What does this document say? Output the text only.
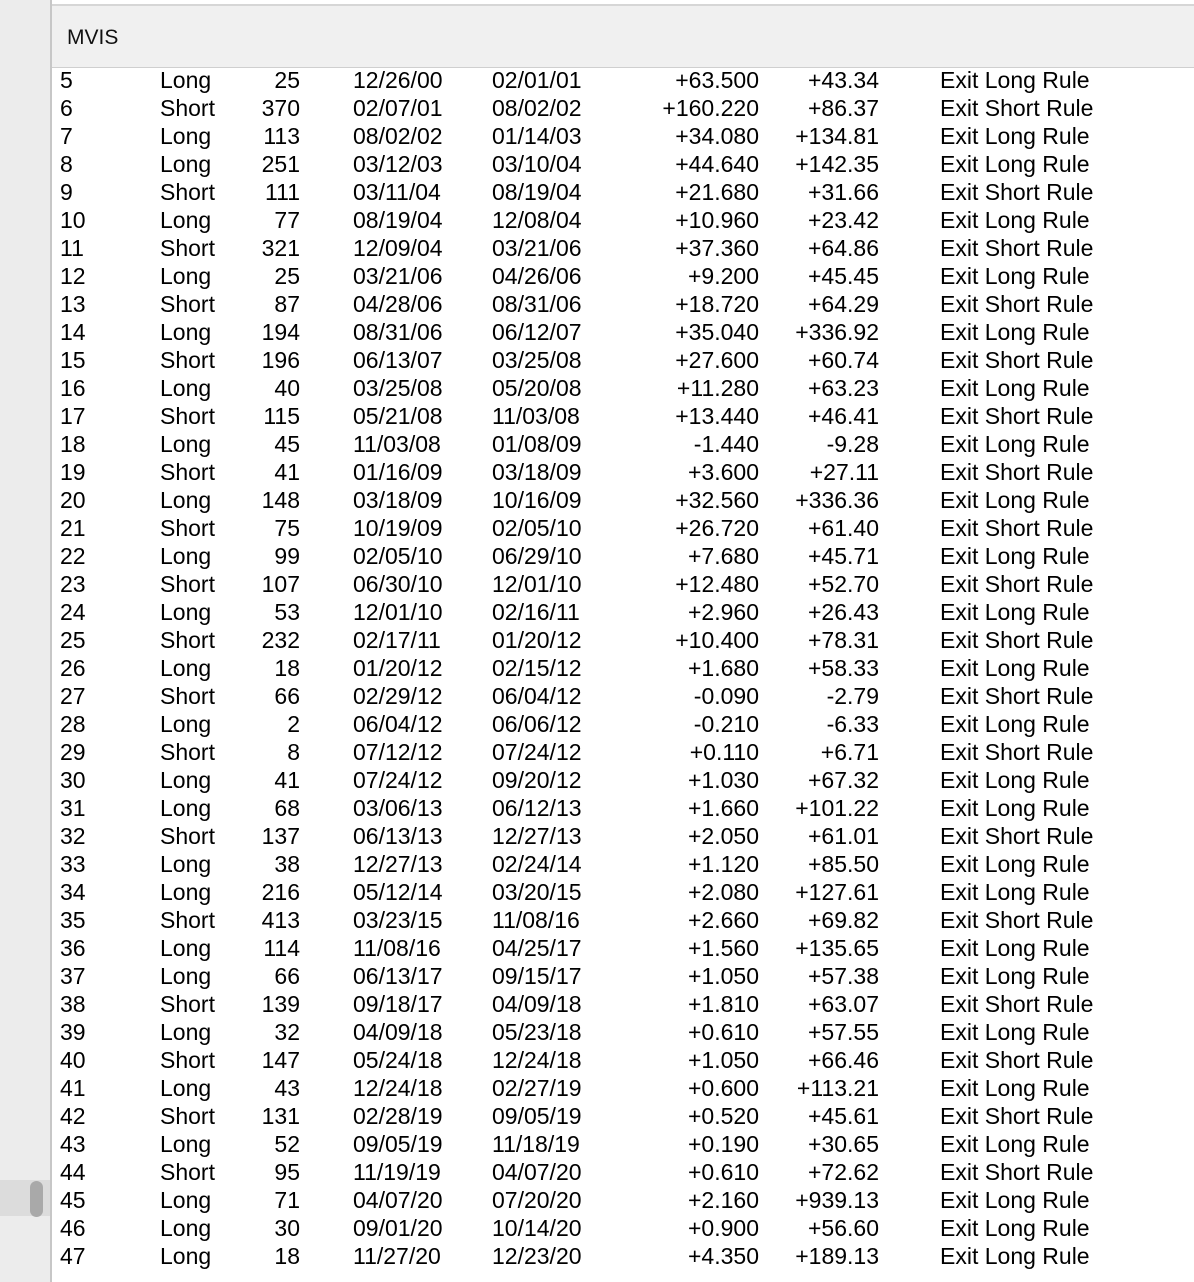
MVIS
5	Long	25 12/26/00 02/01/01	+63.500	+43.34	Exit Long Rule
6	Short	370 02/07/01 08/02/02	+160.220	+86.37	Exit Short Rule
7	Long	113 08/02/02 01/14/03	+34.080	+134.81	Exit Long Rule
8	Long	251 03/12/03 03/10/04	+44.640	+142.35	Exit Long Rule
9	Short	111 03/11/04 08/19/04	+21.680	+31.66	Exit Short Rule
10	Long	77 08/19/04 12/08/04	+10.960	+23.42	Exit Long Rule
11	Short	321 12/09/04 03/21/06	+37.360	+64.86	Exit Short Rule
12	Long	25 03/21/06 04/26/06	+9.200	+45.45	Exit Long Rule
13	Short	87 04/28/06 08/31/06	+18.720	+64.29	Exit Short Rule
14	Long	194 08/31/06 06/12/07	+35.040	+336.92	Exit Long Rule
15	Short	196 06/13/07 03/25/08	+27.600	+60.74	Exit Short Rule
16	Long	40 03/25/08 05/20/08	+11.280	+63.23	Exit Long Rule
17	Short	115 05/21/08 11/03/08	+13.440	+46.41	Exit Short Rule
18	Long	45 11/03/08 01/08/09	-1.440	-9.28	Exit Long Rule
19	Short	41 01/16/09 03/18/09	+3.600	+27.11	Exit Short Rule
20	Long	148 03/18/09 10/16/09	+32.560	+336.36	Exit Long Rule
21	Short	75 10/19/09 02/05/10	+26.720	+61.40	Exit Short Rule
22	Long	99 02/05/10 06/29/10	+7.680	+45.71	Exit Long Rule
23	Short	107 06/30/10 12/01/10	+12.480	+52.70	Exit Short Rule
24	Long	53 12/01/10 02/16/11	+2.960	+26.43	Exit Long Rule
25	Short	232 02/17/11 01/20/12	+10.400	+78.31	Exit Short Rule
26	Long	18 01/20/12 02/15/12	+1.680	+58.33	Exit Long Rule
27	Short	66 02/29/12 06/04/12	-0.090	-2.79	Exit Short Rule
28	Long	2 06/04/12 06/06/12	-0.210	-6.33	Exit Long Rule
29	Short	8 07/12/12 07/24/12	+0.110	+6.71	Exit Short Rule
30	Long	41 07/24/12 09/20/12	+1.030	+67.32	Exit Long Rule
31	Long	68 03/06/13 06/12/13	+1.660	+101.22	Exit Long Rule
32	Short	137 06/13/13 12/27/13	+2.050	+61.01	Exit Short Rule
33	Long	38 12/27/13 02/24/14	+1.120	+85.50	Exit Long Rule
34	Long	216 05/12/14 03/20/15	+2.080	+127.61	Exit Long Rule
35	Short	413 03/23/15 11/08/16	+2.660	+69.82	Exit Short Rule
36	Long	114 11/08/16 04/25/17	+1.560	+135.65	Exit Long Rule
37	Long	66 06/13/17 09/15/17	+1.050	+57.38	Exit Long Rule
38	Short	139 09/18/17 04/09/18	+1.810	+63.07	Exit Short Rule
39	Long	32 04/09/18 05/23/18	+0.610	+57.55	Exit Long Rule
40	Short	147 05/24/18 12/24/18	+1.050	+66.46	Exit Short Rule
41	Long	43 12/24/18 02/27/19	+0.600	+113.21	Exit Long Rule
42	Short	131 02/28/19 09/05/19	+0.520	+45.61	Exit Short Rule
43	Long	52 09/05/19 11/18/19	+0.190	+30.65	Exit Long Rule
44	Short	95 11/19/19 04/07/20	+0.610	+72.62	Exit Short Rule
45	Long	71 04/07/20 07/20/20	+2.160	+939.13	Exit Long Rule
46	Long	30 09/01/20 10/14/20	+0.900	+56.60	Exit Long Rule
47	Long	18 11/27/20 12/23/20	+4.350	+189.13	Exit Long Rule
